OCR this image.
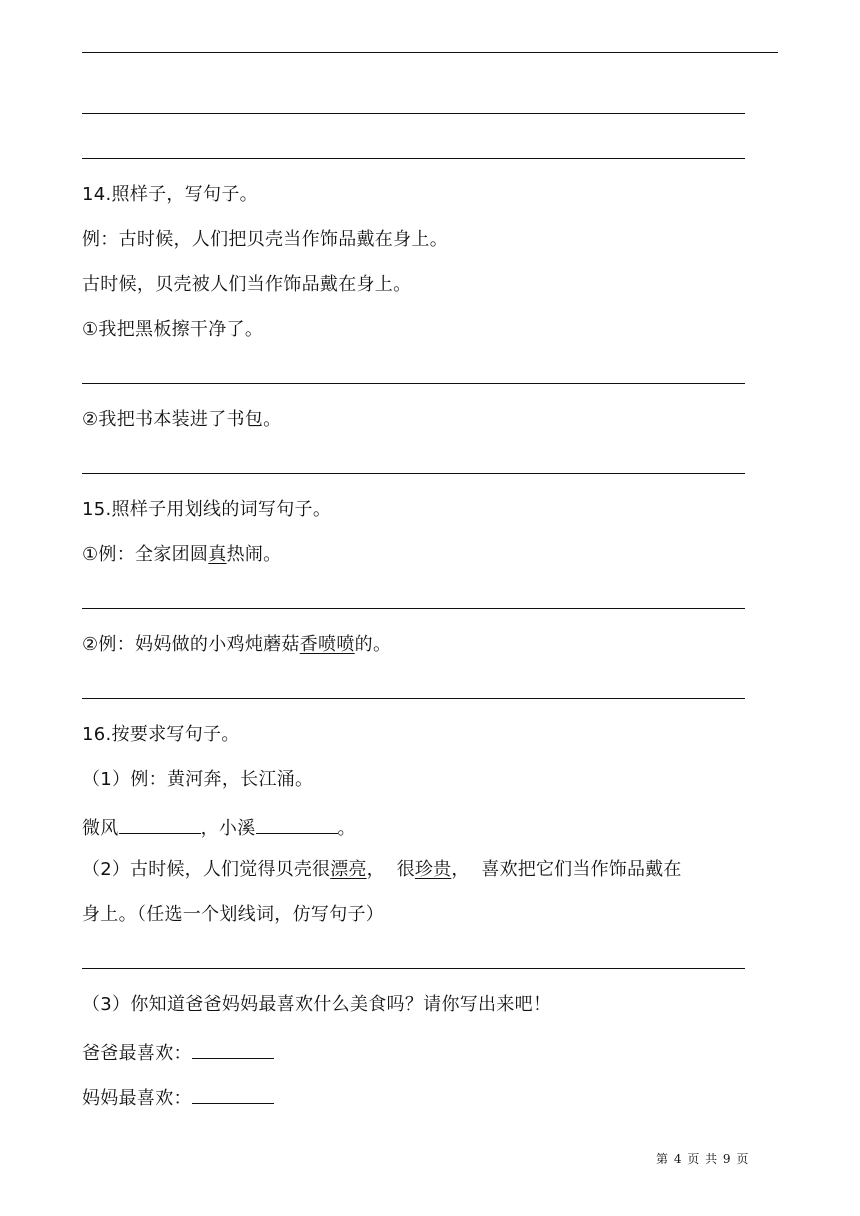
14.照样子，写句子。
例：古时候，人们把贝壳当作饰品戴在身上。
古时候，贝壳被人们当作饰品戴在身上。
①我把黑板擦干净了。
②我把书本装进了书包。
15.照样子用划线的词写句子。
①例：全家团圆真热闹。
②例：妈妈做的小鸡炖蘑菇香喷喷的。
16.按要求写句子。
（1）例：黄河奔，长江涌。
微风	，小溪	。
（2）古时候，人们觉得贝壳很漂亮，  很珍贵，  喜欢把它们当作饰品戴在
身上。（任选一个划线词，仿写句子）
（3）你知道爸爸妈妈最喜欢什么美食吗？请你写出来吧！
爸爸最喜欢：
妈妈最喜欢：
第 4 页 共 9 页
